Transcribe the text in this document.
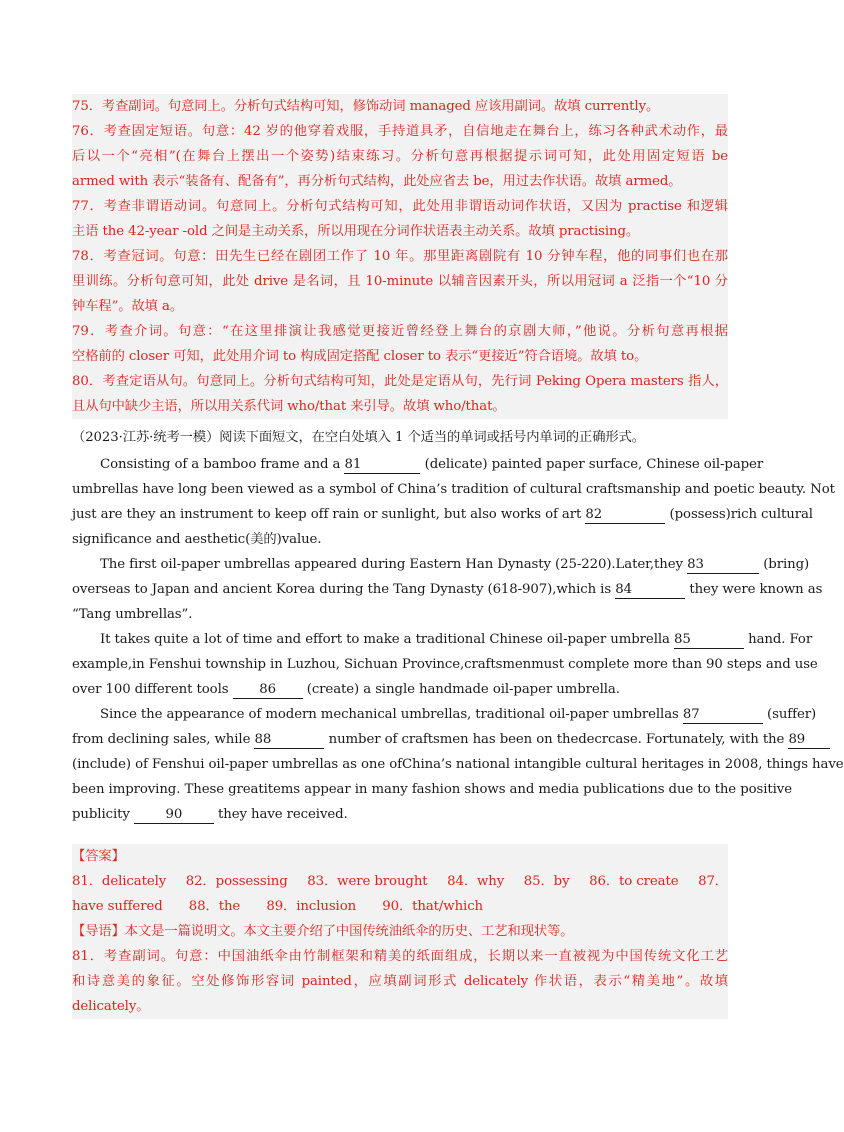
75．考查副词。句意同上。分析句式结构可知，修饰动词 managed 应该用副词。故填 currently。
76．考查固定短语。句意：42 岁的他穿着戏服，手持道具矛，自信地走在舞台上，练习各种武术动作，最
后以一个“亮相”(在舞台上摆出一个姿势)结束练习。分析句意再根据提示词可知，此处用固定短语 be
armed with 表示“装备有、配备有”，再分析句式结构，此处应省去 be，用过去作状语。故填 armed。
77．考查非谓语动词。句意同上。分析句式结构可知，此处用非谓语动词作状语，又因为 practise 和逻辑
主语 the 42-year -old 之间是主动关系，所以用现在分词作状语表主动关系。故填 practising。
78．考查冠词。句意：田先生已经在剧团工作了 10 年。那里距离剧院有 10 分钟车程，他的同事们也在那
里训练。分析句意可知，此处 drive 是名词，且 10-minute 以辅音因素开头，所以用冠词 a 泛指一个“10 分
钟车程”。故填 a。
79．考查介词。句意：“在这里排演让我感觉更接近曾经登上舞台的京剧大师，”他说。分析句意再根据
空格前的 closer 可知，此处用介词 to 构成固定搭配 closer to 表示“更接近”符合语境。故填 to。
80．考查定语从句。句意同上。分析句式结构可知，此处是定语从句，先行词 Peking Opera masters 指人，
且从句中缺少主语，所以用关系代词 who/that 来引导。故填 who/that。
（2023·江苏·统考一模）阅读下面短文，在空白处填入 1 个适当的单词或括号内单词的正确形式。
Consisting of a bamboo frame and a 81	(delicate) painted paper surface, Chinese oil-paper
umbrellas have long been viewed as a symbol of China’s tradition of cultural craftsmanship and poetic beauty. Not
just are they an instrument to keep off rain or sunlight, but also works of art 82	(possess)rich cultural
significance and aesthetic(美的)value.
The first oil-paper umbrellas appeared during Eastern Han Dynasty (25-220).Later,they 83	(bring)
overseas to Japan and ancient Korea during the Tang Dynasty (618-907),which is 84	they were known as
“Tang umbrellas”.
It takes quite a lot of time and effort to make a traditional Chinese oil-paper umbrella 85	hand. For
example,in Fenshui township in Luzhou, Sichuan Province,craftsmenmust complete more than 90 steps and use
over 100 different tools 86 (create) a single handmade oil-paper umbrella.
Since the appearance of modern mechanical umbrellas, traditional oil-paper umbrellas 87	(suffer)
from declining sales, while 88	number of craftsmen has been on thedecrcase. Fortunately, with the 89
(include) of Fenshui oil-paper umbrellas as one ofChina’s national intangible cultural heritages in 2008, things have
been improving. These greatitems appear in many fashion shows and media publications due to the positive
publicity	90	they have received.
【答案】
81．delicately 82．possessing 83．were brought 84．why 85．by 86．to create 87．
have suffered 88．the 89．inclusion 90．that/which
【导语】本文是一篇说明文。本文主要介绍了中国传统油纸伞的历史、工艺和现状等。
81．考查副词。句意：中国油纸伞由竹制框架和精美的纸面组成，长期以来一直被视为中国传统文化工艺
和诗意美的象征。空处修饰形容词 painted，应填副词形式 delicately 作状语，表示“精美地”。故填
delicately。
